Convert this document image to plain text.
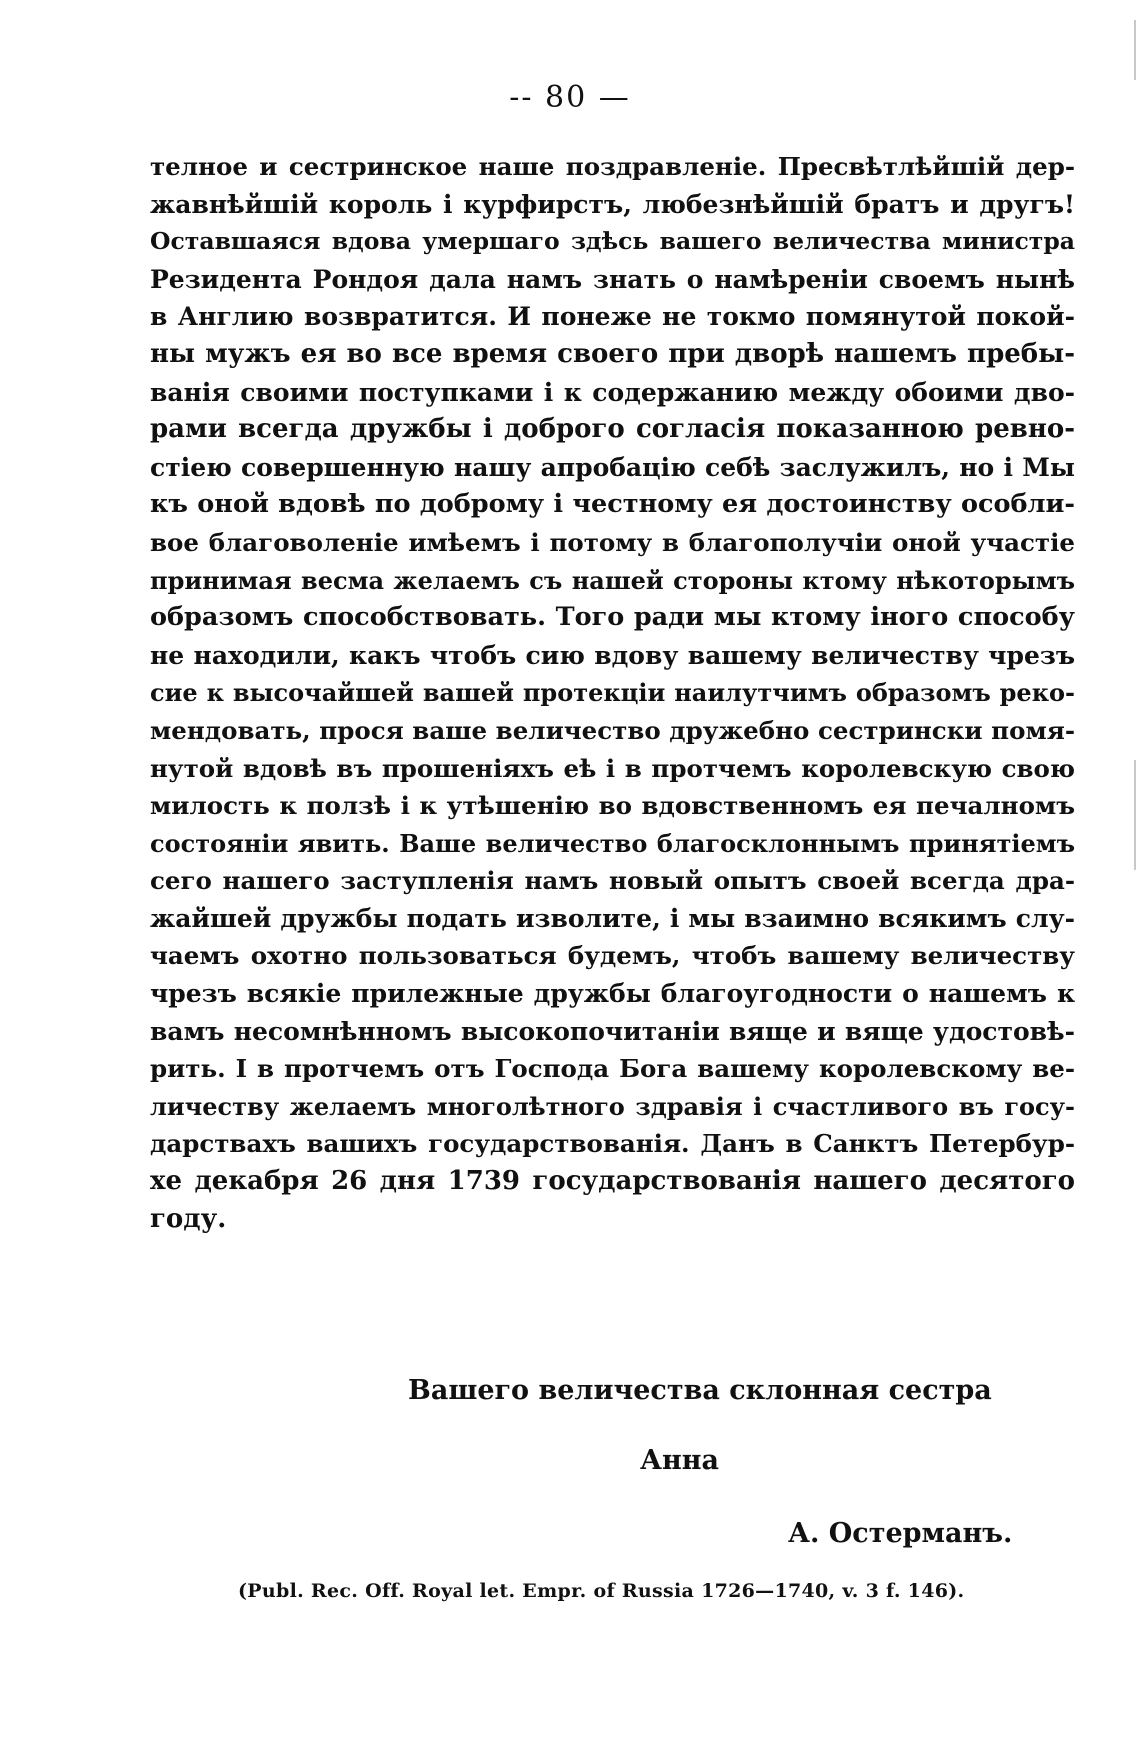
-- 80 —
телное и сестринское наше поздравленіе. Пресвѣтлѣйшій дер-
жавнѣйшій король і курфирстъ, любезнѣйшій братъ и другъ!
Оставшаяся вдова умершаго здѣсь вашего величества министра
Резидента Рондоя дала намъ знать о намѣреніи своемъ нынѣ
в Англию возвратится. И понеже не токмо помянутой покой-
ны мужъ ея во все время своего при дворѣ нашемъ пребы-
ванія своими поступками і к содержанию между обоими дво-
рами всегда дружбы і доброго согласія показанною ревно-
стіею совершенную нашу апробацію себѣ заслужилъ, но і Мы
къ оной вдовѣ по доброму і честному ея достоинству особли-
вое благоволеніе имѣемъ і потому в благополучіи оной участіе
принимая весма желаемъ съ нашей стороны ктому нѣкоторымъ
образомъ способствовать. Того ради мы ктому іного способу
не находили, какъ чтобъ сию вдову вашему величеству чрезъ
сие к высочайшей вашей протекціи наилутчимъ образомъ реко-
мендовать, прося ваше величество дружебно сестрински помя-
нутой вдовѣ въ прошеніяхъ eѣ і в протчемъ королевскую свою
милость к ползѣ і к утѣшенію во вдовственномъ ея печалномъ
состояніи явить. Ваше величество благосклоннымъ принятіемъ
сего нашего заступленія намъ новый опытъ своей всегда дра-
жайшей дружбы подать изволите, і мы взаимно всякимъ слу-
чаемъ охотно пользоваться будемъ, чтобъ вашему величеству
чрезъ всякіе прилежные дружбы благоугодности о нашемъ к
вамъ несомнѣнномъ высокопочитаніи вяще и вяще удостовѣ-
рить. І в протчемъ отъ Господа Бога вашему королевскому ве-
личеству желаемъ многолѣтного здравія і счастливого въ госу-
дарствахъ вашихъ государствованія. Данъ в Санктъ Петербур-
хе декабря 26 дня 1739 государствованія нашего десятого
году.
Вашего величества склонная сестра
Анна
А. Остерманъ.
(Publ. Rec. Off. Royal let. Empr. of Russia 1726—1740, v. 3 f. 146).
